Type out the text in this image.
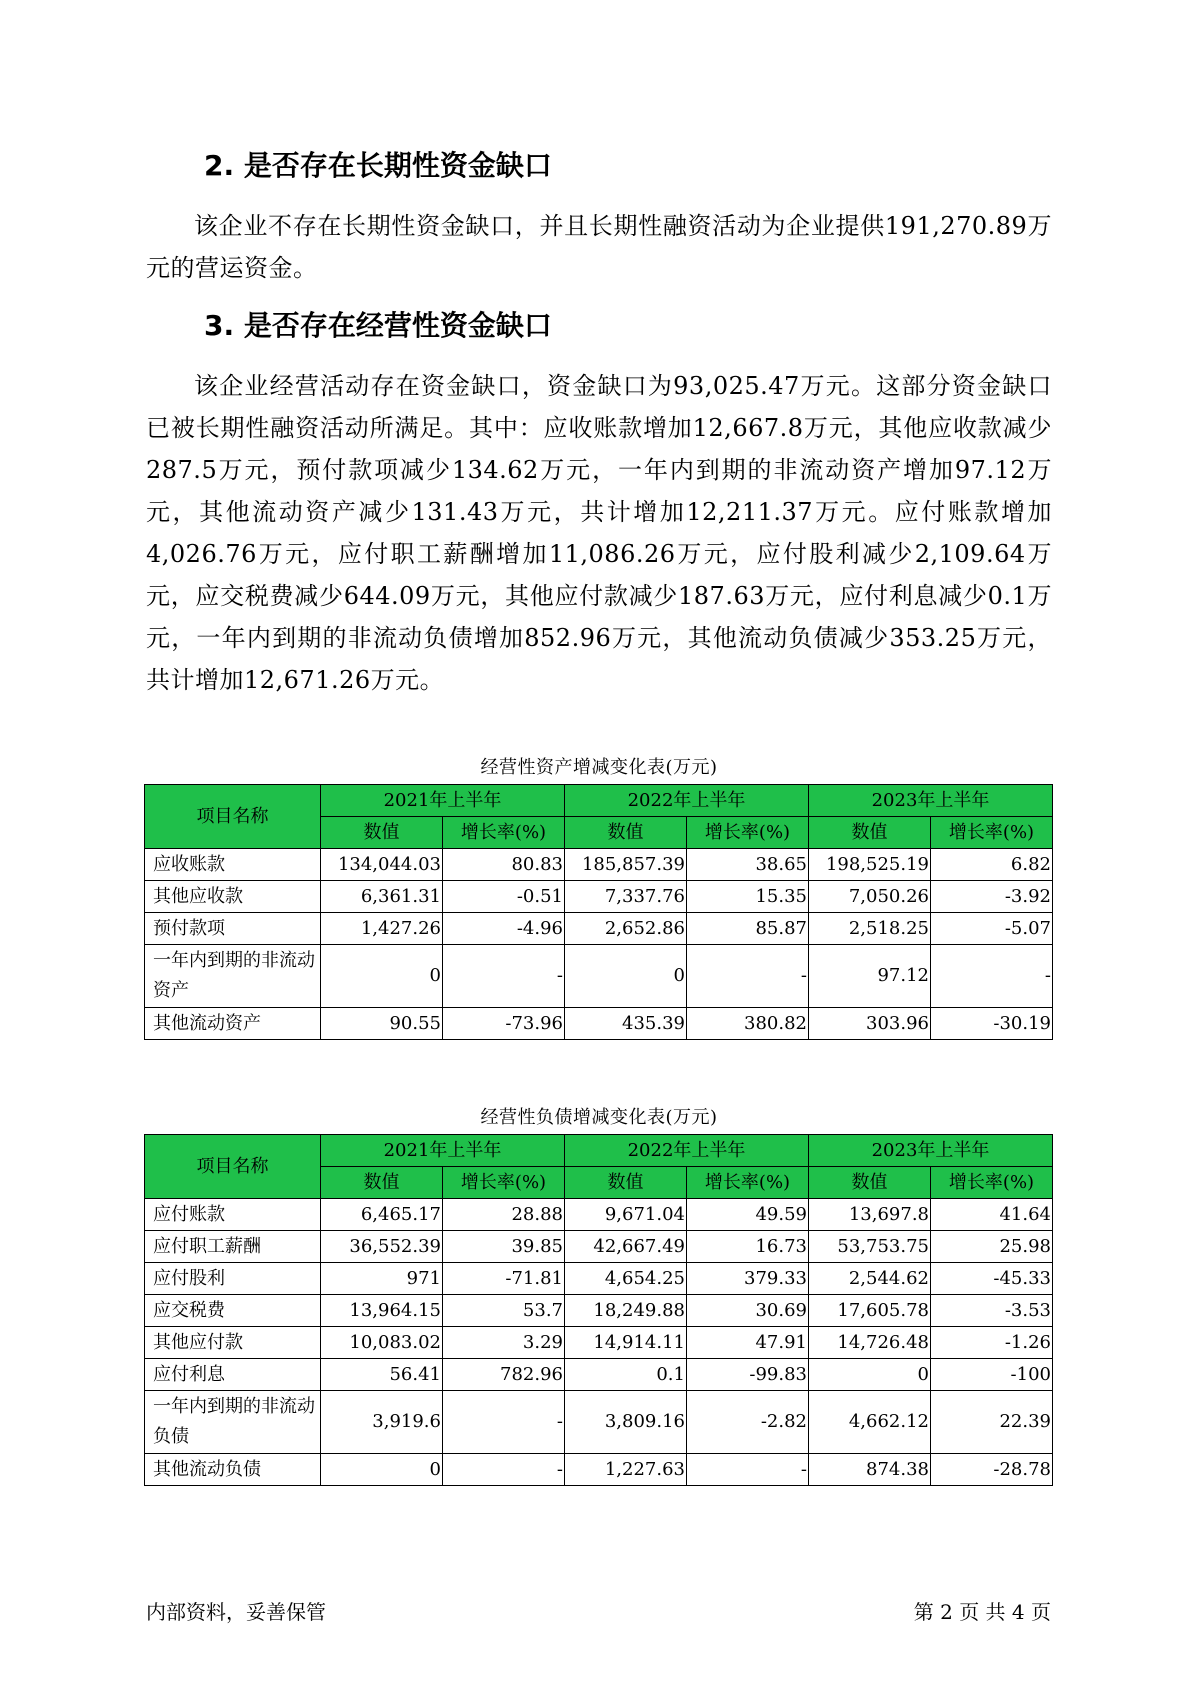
2. 是否存在长期性资金缺口

该企业不存在长期性资金缺口，并且长期性融资活动为企业提供191,270.89万元的营运资金。

3. 是否存在经营性资金缺口

该企业经营活动存在资金缺口，资金缺口为93,025.47万元。这部分资金缺口已被长期性融资活动所满足。其中：应收账款增加12,667.8万元，其他应收款减少287.5万元，预付款项减少134.62万元，一年内到期的非流动资产增加97.12万元，其他流动资产减少131.43万元，共计增加12,211.37万元。应付账款增加4,026.76万元，应付职工薪酬增加11,086.26万元，应付股利减少2,109.64万元，应交税费减少644.09万元，其他应付款减少187.63万元，应付利息减少0.1万元，一年内到期的非流动负债增加852.96万元，其他流动负债减少353.25万元，共计增加12,671.26万元。

经营性资产增减变化表(万元)

项目名称	2021年上半年		2022年上半年		2023年上半年	
	数值	增长率(%)	数值	增长率(%)	数值	增长率(%)
应收账款	134,044.03	80.83	185,857.39	38.65	198,525.19	6.82
其他应收款	6,361.31	-0.51	7,337.76	15.35	7,050.26	-3.92
预付款项	1,427.26	-4.96	2,652.86	85.87	2,518.25	-5.07
一年内到期的非流动资产	0	-	0	-	97.12	-
其他流动资产	90.55	-73.96	435.39	380.82	303.96	-30.19

经营性负债增减变化表(万元)

项目名称	2021年上半年		2022年上半年		2023年上半年	
	数值	增长率(%)	数值	增长率(%)	数值	增长率(%)
应付账款	6,465.17	28.88	9,671.04	49.59	13,697.8	41.64
应付职工薪酬	36,552.39	39.85	42,667.49	16.73	53,753.75	25.98
应付股利	971	-71.81	4,654.25	379.33	2,544.62	-45.33
应交税费	13,964.15	53.7	18,249.88	30.69	17,605.78	-3.53
其他应付款	10,083.02	3.29	14,914.11	47.91	14,726.48	-1.26
应付利息	56.41	782.96	0.1	-99.83	0	-100
一年内到期的非流动负债	3,919.6	-	3,809.16	-2.82	4,662.12	22.39
其他流动负债	0	-	1,227.63	-	874.38	-28.78

内部资料，妥善保管	第 2 页 共 4 页
